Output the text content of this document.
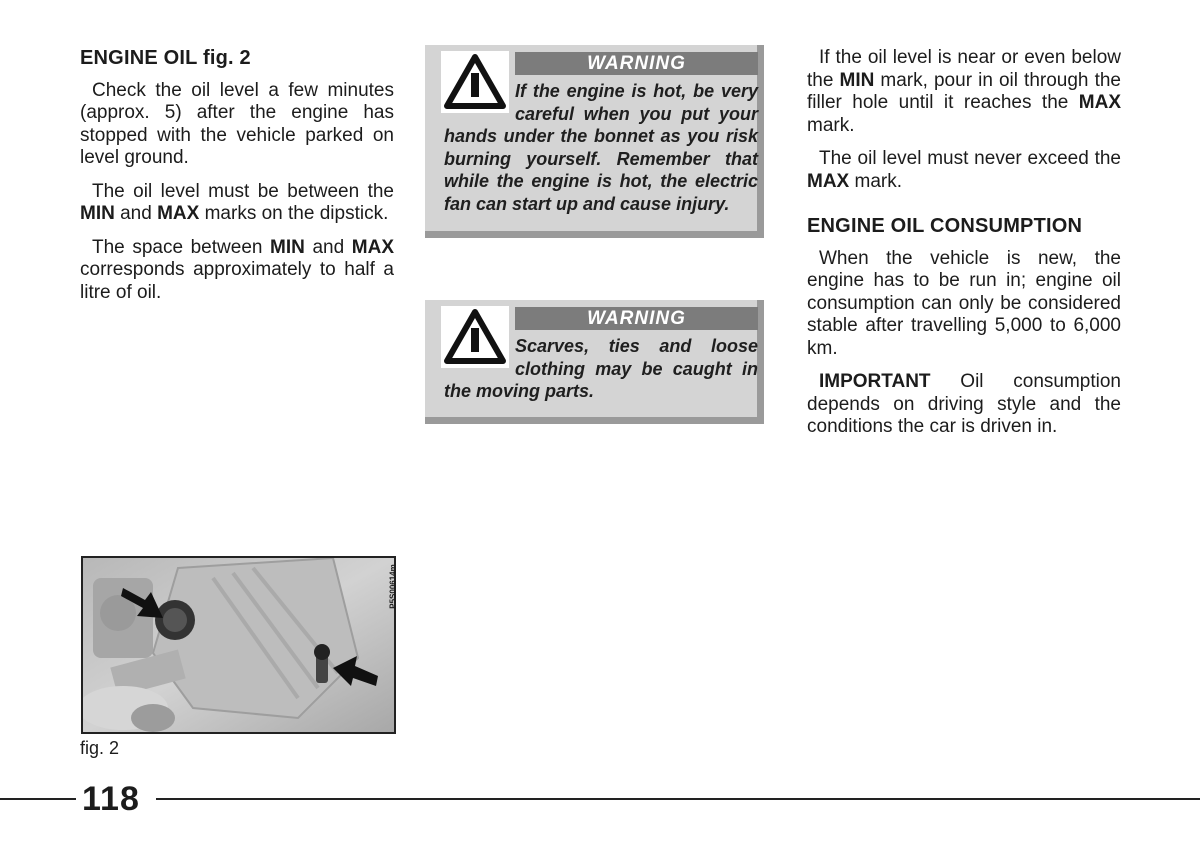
ENGINE OIL fig. 2

Check the oil level a few minutes (approx. 5) after the engine has stopped with the vehicle parked on level ground.

The oil level must be between the MIN and MAX marks on the dipstick.

The space between MIN and MAX corresponds approximately to half a litre of oil.

WARNING
If the engine is hot, be very careful when you put your hands under the bonnet as you risk burning yourself. Remember that while the engine is hot, the electric fan can start up and cause injury.
WARNING
Scarves, ties and loose clothing may be caught in the moving parts.

If the oil level is near or even below the MIN mark, pour in oil through the filler hole until it reaches the MAX mark.

The oil level must never exceed the MAX mark.

ENGINE OIL CONSUMPTION

When the vehicle is new, the engine has to be run in; engine oil consumption can only be considered stable after travelling 5,000 to 6,000 km.

IMPORTANT Oil consumption depends on driving style and the conditions the car is driven in.

P5S00614m
fig. 2
118
